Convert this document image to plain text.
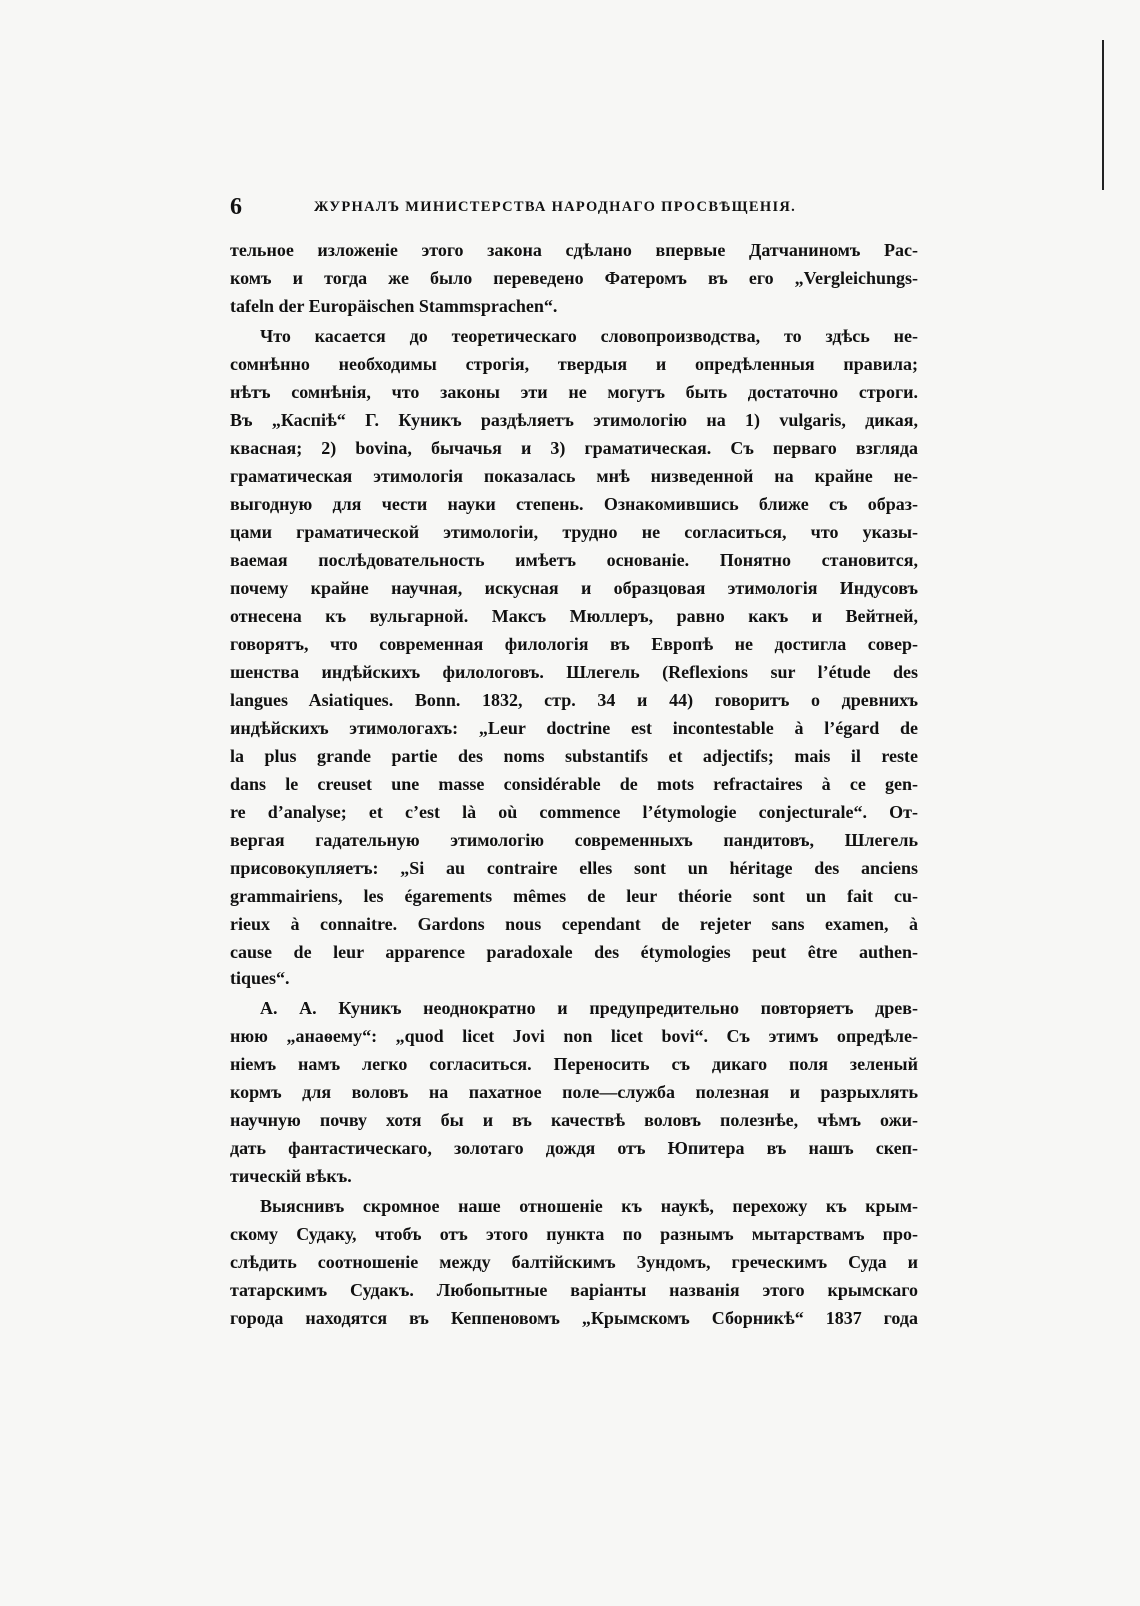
6	ЖУРНАЛЪ МИНИСТЕРСТВА НАРОДНАГО ПРОСВѢЩЕНІЯ.
тельное изложеніе этого закона сдѣлано впервые Датчаниномъ Рас-
комъ и тогда же было переведено Фатеромъ въ его „Vergleichungs-
tafeln der Europäischen Stammsprachen“.
Что касается до теоретическаго словопроизводства, то здѣсь не-
сомнѣнно необходимы строгія, твердыя и опредѣленныя правила;
нѣтъ сомнѣнія, что законы эти не могутъ быть достаточно строги.
Въ „Каспіѣ“ Г. Куникъ раздѣляетъ этимологію на 1) vulgaris, дикая,
квасная; 2) bovina, бычачья и 3) граматическая. Съ перваго взгляда
граматическая этимологія показалась мнѣ низведенной на крайне не-
выгодную для чести науки степень. Ознакомившись ближе съ образ-
цами граматической этимологіи, трудно не согласиться, что указы-
ваемая послѣдовательность имѣетъ основаніе. Понятно становится,
почему крайне научная, искусная и образцовая этимологія Индусовъ
отнесена къ вульгарной. Максъ Мюллеръ, равно какъ и Вейтней,
говорятъ, что современная филологія въ Европѣ не достигла совер-
шенства индѣйскихъ филологовъ. Шлегель (Reflexions sur l’étude des
langues Asiatiques. Bonn. 1832, стр. 34 и 44) говоритъ о древнихъ
индѣйскихъ этимологахъ: „Leur doctrine est incontestable à l’égard de
la plus grande partie des noms substantifs et adjectifs; mais il reste
dans le creuset une masse considérable de mots refractaires à ce gen-
re d’analyse; et c’est là où commence l’étymologie conjecturale“. От-
вергая гадательную этимологію современныхъ пандитовъ, Шлегель
присовокупляетъ: „Si au contraire elles sont un héritage des anciens
grammairiens, les égarements mêmes de leur théorie sont un fait cu-
rieux à connaitre. Gardons nous cependant de rejeter sans examen, à
cause de leur apparence paradoxale des étymologies peut être authen-
tiques“.
А. А. Куникъ неоднократно и предупредительно повторяетъ древ-
нюю „анаѳему“: „quod licet Jovi non licet bovi“. Съ этимъ опредѣле-
ніемъ намъ легко согласиться. Переносить съ дикаго поля зеленый
кормъ для воловъ на пахатное поле—служба полезная и разрыхлять
научную почву хотя бы и въ качествѣ воловъ полезнѣе, чѣмъ ожи-
дать фантастическаго, золотаго дождя отъ Юпитера въ нашъ скеп-
тическій вѣкъ.
Выяснивъ скромное наше отношеніе къ наукѣ, перехожу къ крым-
скому Судаку, чтобъ отъ этого пункта по разнымъ мытарствамъ про-
слѣдить соотношеніе между балтійскимъ Зундомъ, греческимъ Суда и
татарскимъ Судакъ. Любопытные варіанты названія этого крымскаго
города находятся въ Кеппеновомъ „Крымскомъ Сборникѣ“ 1837 года
